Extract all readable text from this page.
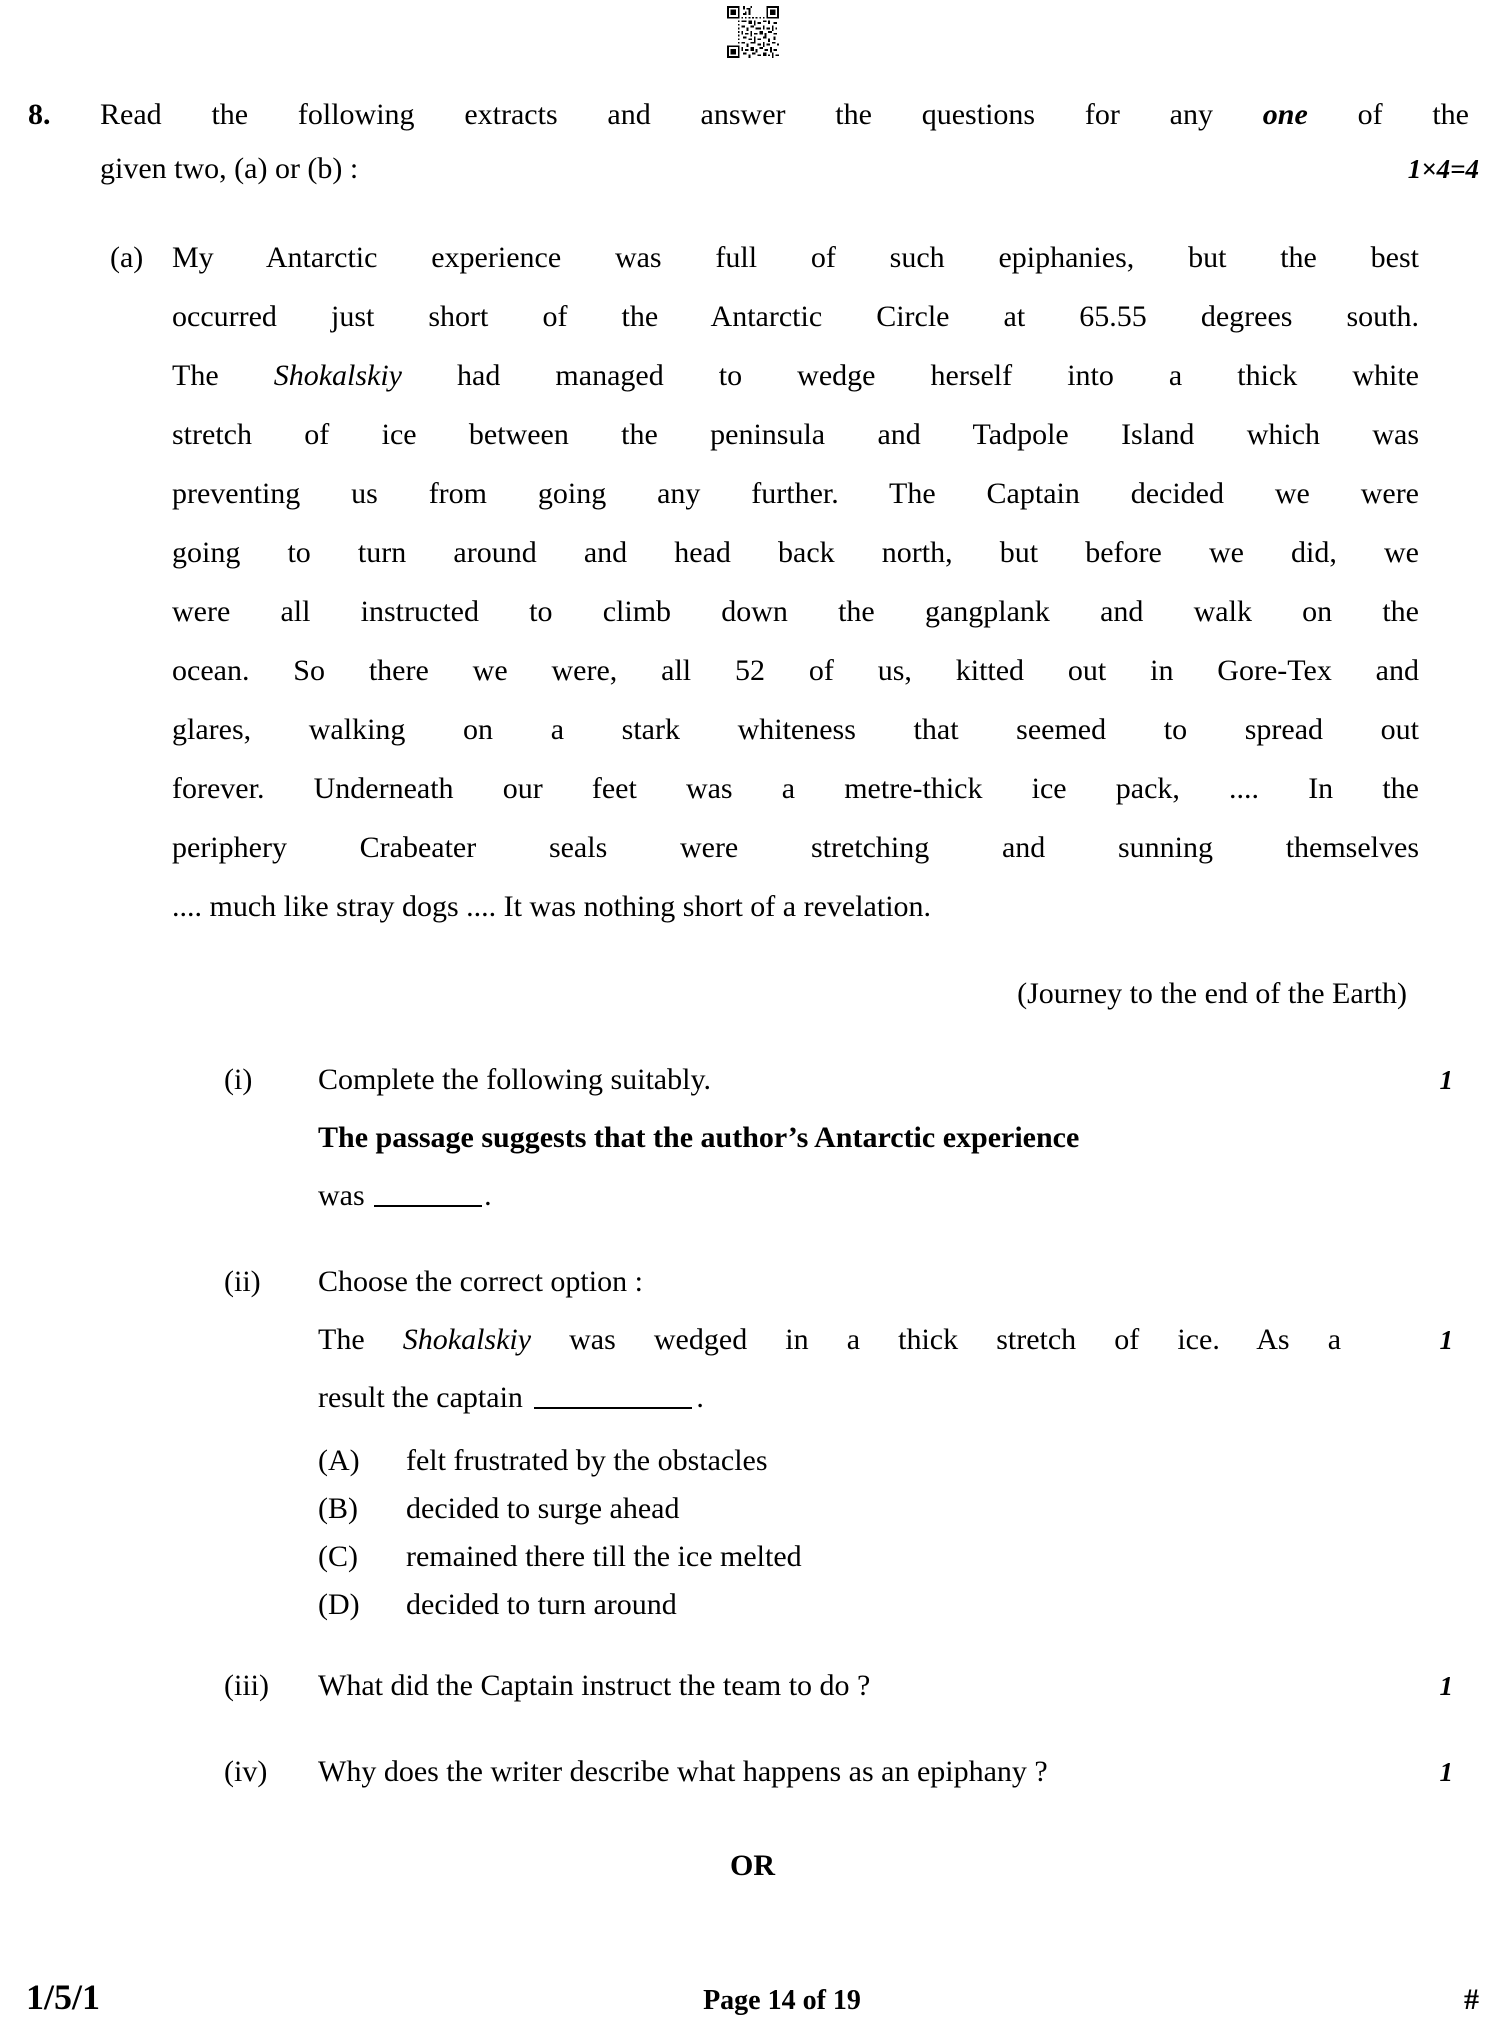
8.	Read the following extracts and answer the questions for any one of the
given two, (a) or (b) :	1×4=4
(a) My Antarctic experience was full of such epiphanies, but the best
occurred just short of the Antarctic Circle at 65.55 degrees south.
The Shokalskiy had managed to wedge herself into a thick white
stretch of ice between the peninsula and Tadpole Island which was
preventing us from going any further. The Captain decided we were
going to turn around and head back north, but before we did, we
were all instructed to climb down the gangplank and walk on the
ocean. So there we were, all 52 of us, kitted out in Gore-Tex and
glares, walking on a stark whiteness that seemed to spread out
forever. Underneath our feet was a metre-thick ice pack, .... In the
periphery Crabeater seals were stretching and sunning themselves
.... much like stray dogs .... It was nothing short of a revelation.
(Journey to the end of the Earth)
(i)	Complete the following suitably.
The passage suggests that the author’s Antarctic experience
was	.
1
(ii)	Choose the correct option :
The Shokalskiy was wedged in a thick stretch of ice. As a
result the captain	.
1
(A)	felt frustrated by the obstacles
(B)	decided to surge ahead
(C)	remained there till the ice melted
(D)	decided to turn around
(iii)	What did the Captain instruct the team to do ?	1
(iv)	Why does the writer describe what happens as an epiphany ?	1
OR
1/5/1	Page 14 of 19	#
